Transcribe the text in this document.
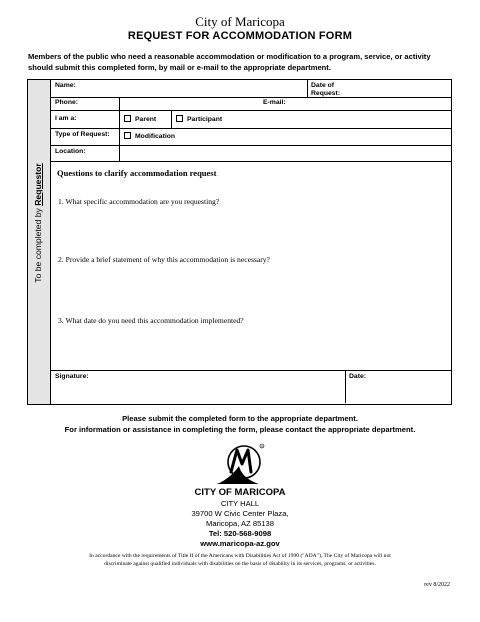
City of Maricopa
REQUEST FOR ACCOMMODATION FORM
Members of the public who need a reasonable accommodation or modification to a program, service, or activity
should submit this completed form, by mail or e-mail to the appropriate department.
To be completed by Requestor
Name:	Date of
Request:
Phone:	E-mail:
I am a:	Parent	Participant
Type of Request:	Modification
Location:
Signature:	Date:
Questions to clarify accommodation request
1. What specific accommodation are you requesting?
2. Provide a brief statement of why this accommodation is necessary?
3. What date do you need this accommodation implemented?
Please submit the completed form to the appropriate department.
For information or assistance in completing the form, please contact the appropriate department.
R
CITY OF MARICOPA
CITY HALL
39700 W Civic Center Plaza,
Maricopa, AZ 85138
Tel: 520-568-9098
www.maricopa-az.gov
In accordance with the requirements of Title II of the Americans with Disabilities Act of 1990 ("ADA"), The City of Maricopa will not
discriminate against qualified individuals with disabilities on the basis of disability in its services, programs, or activities.
rev 8/2022
